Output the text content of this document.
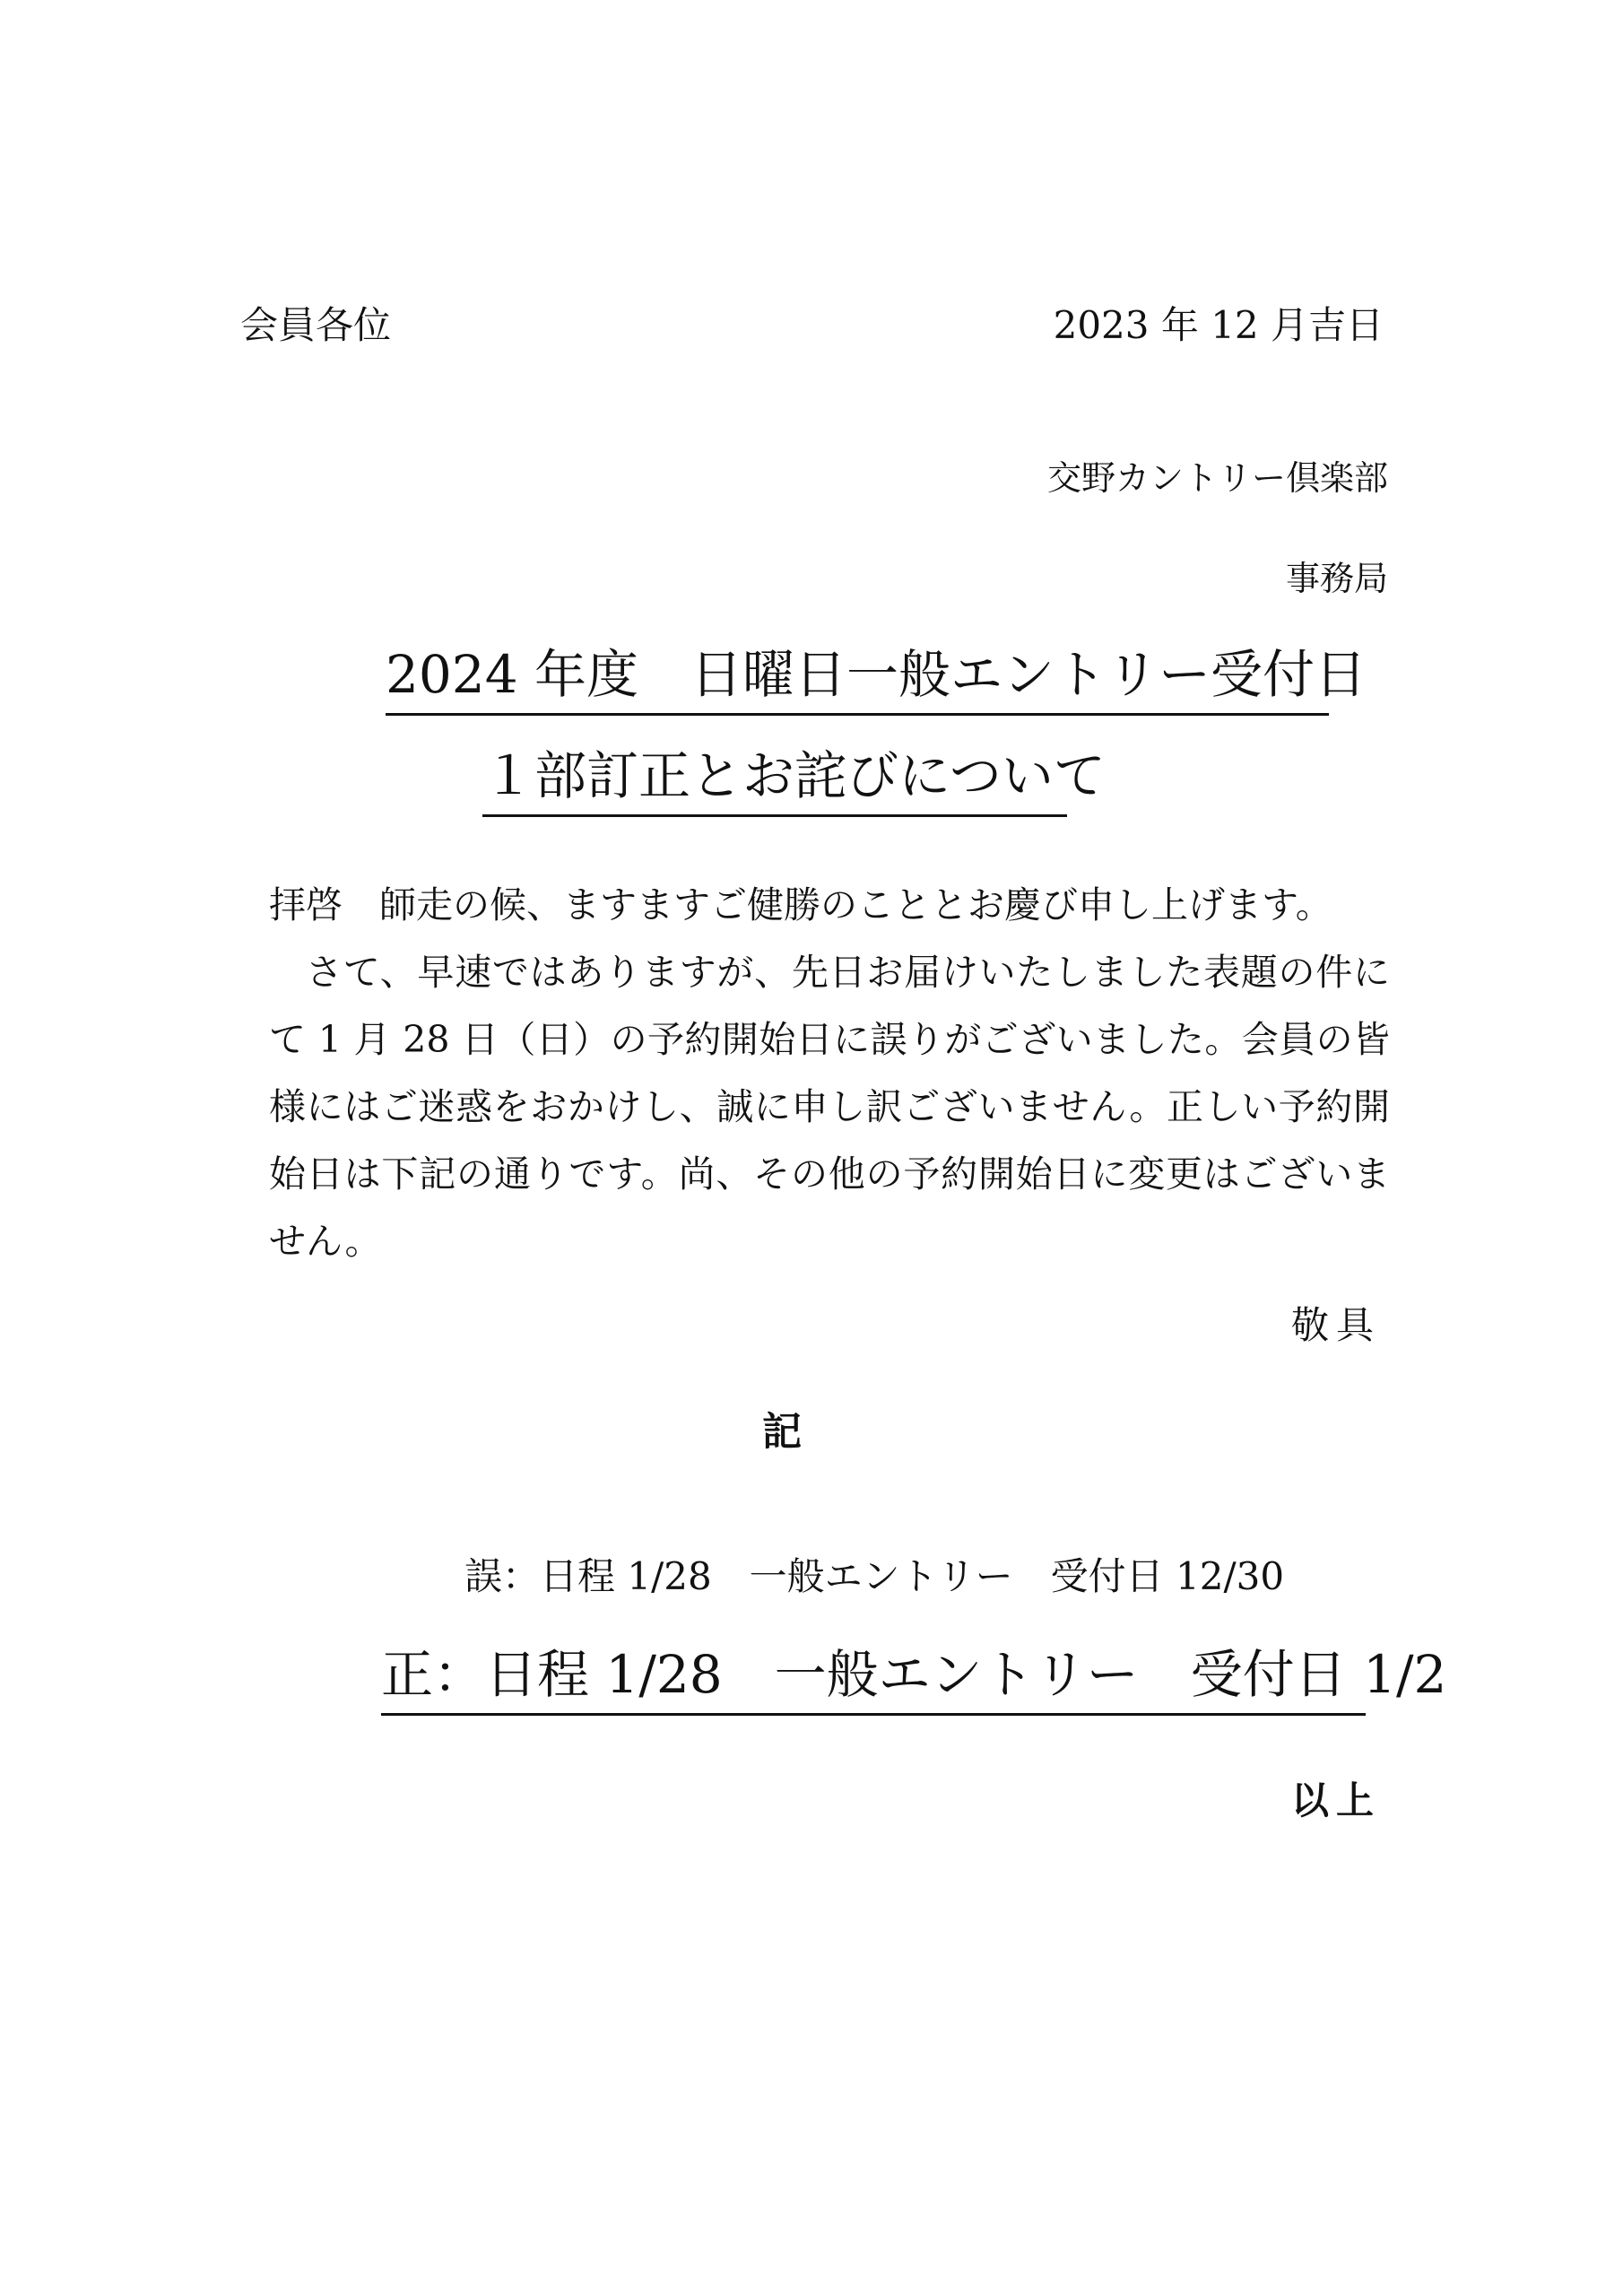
会員各位	2023 年 12 月吉日
交野カントリー倶楽部
事務局
2024 年度　日曜日一般エントリー受付日
１部訂正とお詫びについて

拝啓　師走の候、ますますご健勝のこととお慶び申し上げます。

さて、早速ではありますが、先日お届けいたしました表題の件にて 1 月 28 日（日）の予約開始日に誤りがございました。会員の皆様にはご迷惑をおかけし、誠に申し訳ございません。正しい予約開始日は下記の通りです。尚、その他の予約開始日に変更はございません。

敬具
記
誤：日程 1/28　一般エントリー　受付日 12/30
正：日程 1/28　一般エントリー　受付日 1/2
以上
